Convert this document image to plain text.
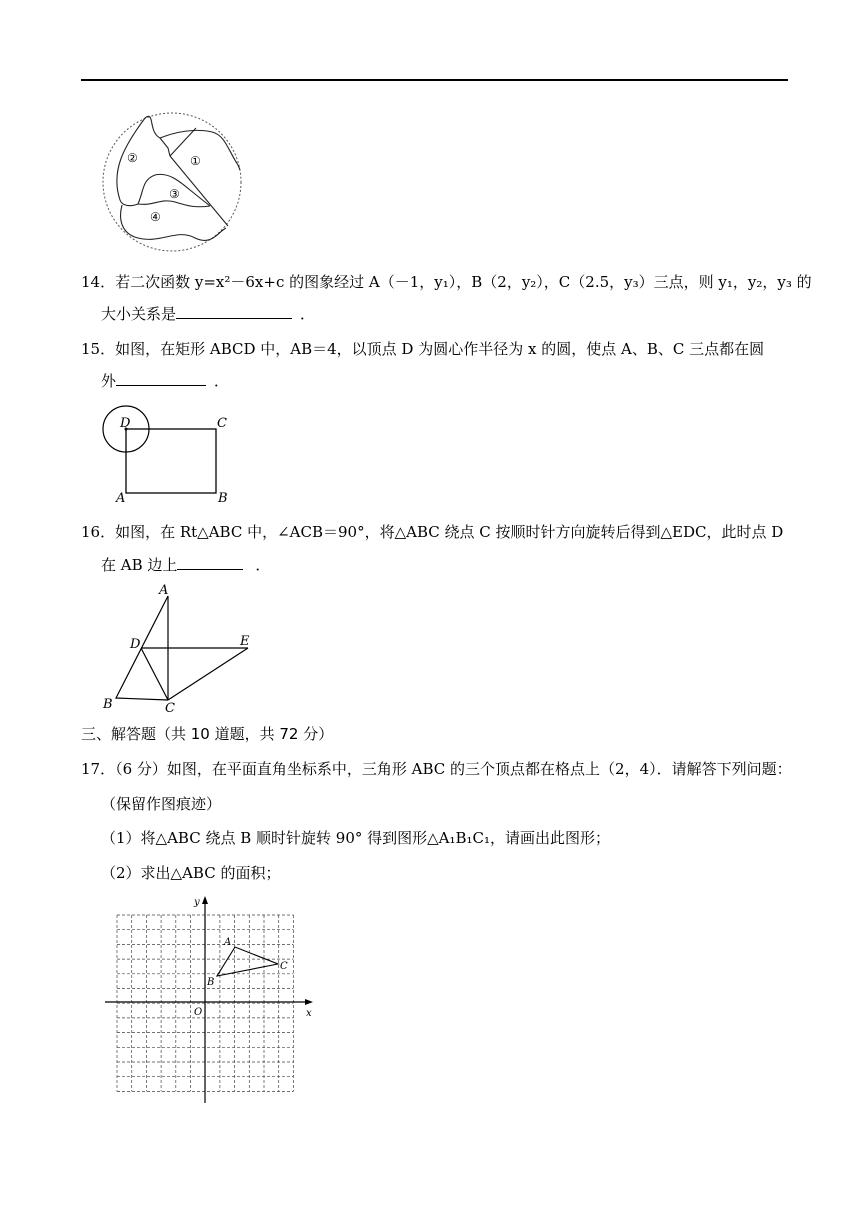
②	①
③
④
14．若二次函数 y=x²－6x+c 的图象经过 A（－1，y₁），B（2，y₂），C（2.5，y₃）三点，则 y₁，y₂，y₃ 的
大小关系是	．
15．如图，在矩形 ABCD 中，AB＝4，以顶点 D 为圆心作半径为 x 的圆，使点 A、B、C 三点都在圆
外	．
D	C
A	B
16．如图，在 Rt△ABC 中，∠ACB＝90°，将△ABC 绕点 C 按顺时针方向旋转后得到△EDC，此时点 D
在 AB 边上	．
A
D	E
B	C
三、解答题（共 10 道题，共 72 分）
17．（6 分）如图，在平面直角坐标系中，三角形 ABC 的三个顶点都在格点上（2，4）．请解答下列问题：
（保留作图痕迹）
（1）将△ABC 绕点 B 顺时针旋转 90° 得到图形△A₁B₁C₁，请画出此图形；
（2）求出△ABC 的面积；
y
x
O
A
B
C
